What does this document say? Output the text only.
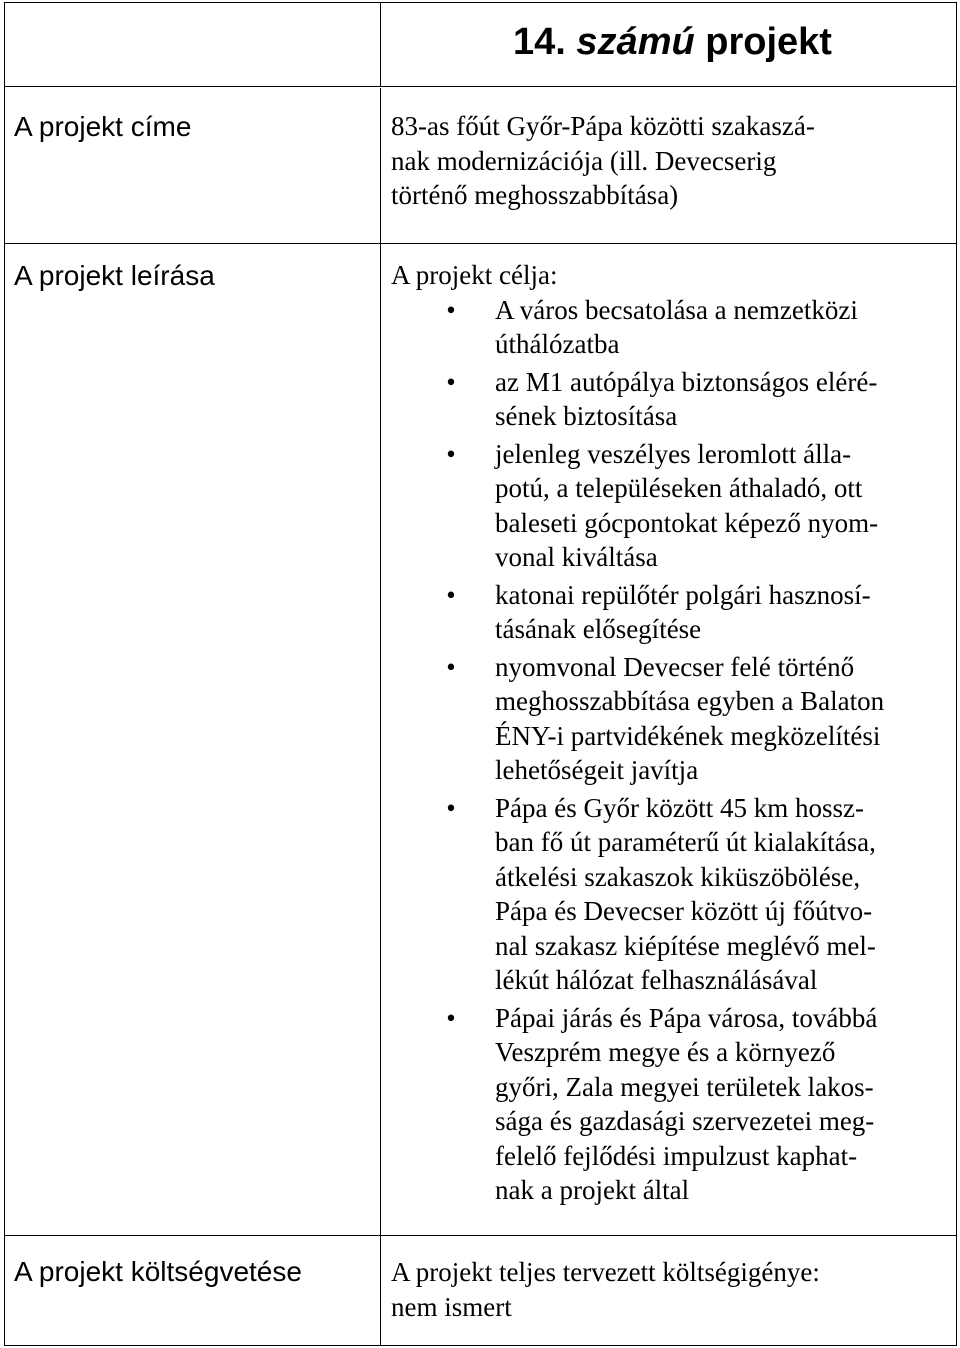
14. számú projekt
A projekt címe	83-as főút Győr-Pápa közötti szakaszá-
nak modernizációja (ill. Devecserig
történő meghosszabbítása)
A projekt leírása	A projekt célja:

• A város becsatolása a nemzetközi
úthálózatba
• az M1 autópálya biztonságos eléré-
sének biztosítása
• jelenleg veszélyes leromlott álla-
potú, a településeken áthaladó, ott
baleseti gócpontokat képező nyom-
vonal kiváltása
• katonai repülőtér polgári hasznosí-
tásának elősegítése
• nyomvonal Devecser felé történő
meghosszabbítása egyben a Balaton
ÉNY-i partvidékének megközelítési
lehetőségeit javítja
• Pápa és Győr között 45 km hossz-
ban fő út paraméterű út kialakítása,
átkelési szakaszok kiküszöbölése,
Pápa és Devecser között új főútvo-
nal szakasz kiépítése meglévő mel-
lékút hálózat felhasználásával
• Pápai járás és Pápa városa, továbbá
Veszprém megye és a környező
győri, Zala megyei területek lakos-
sága és gazdasági szervezetei meg-
felelő fejlődési impulzust kaphat-
nak a projekt által
A projekt költségvetése	A projekt teljes tervezett költségigénye:
nem ismert
